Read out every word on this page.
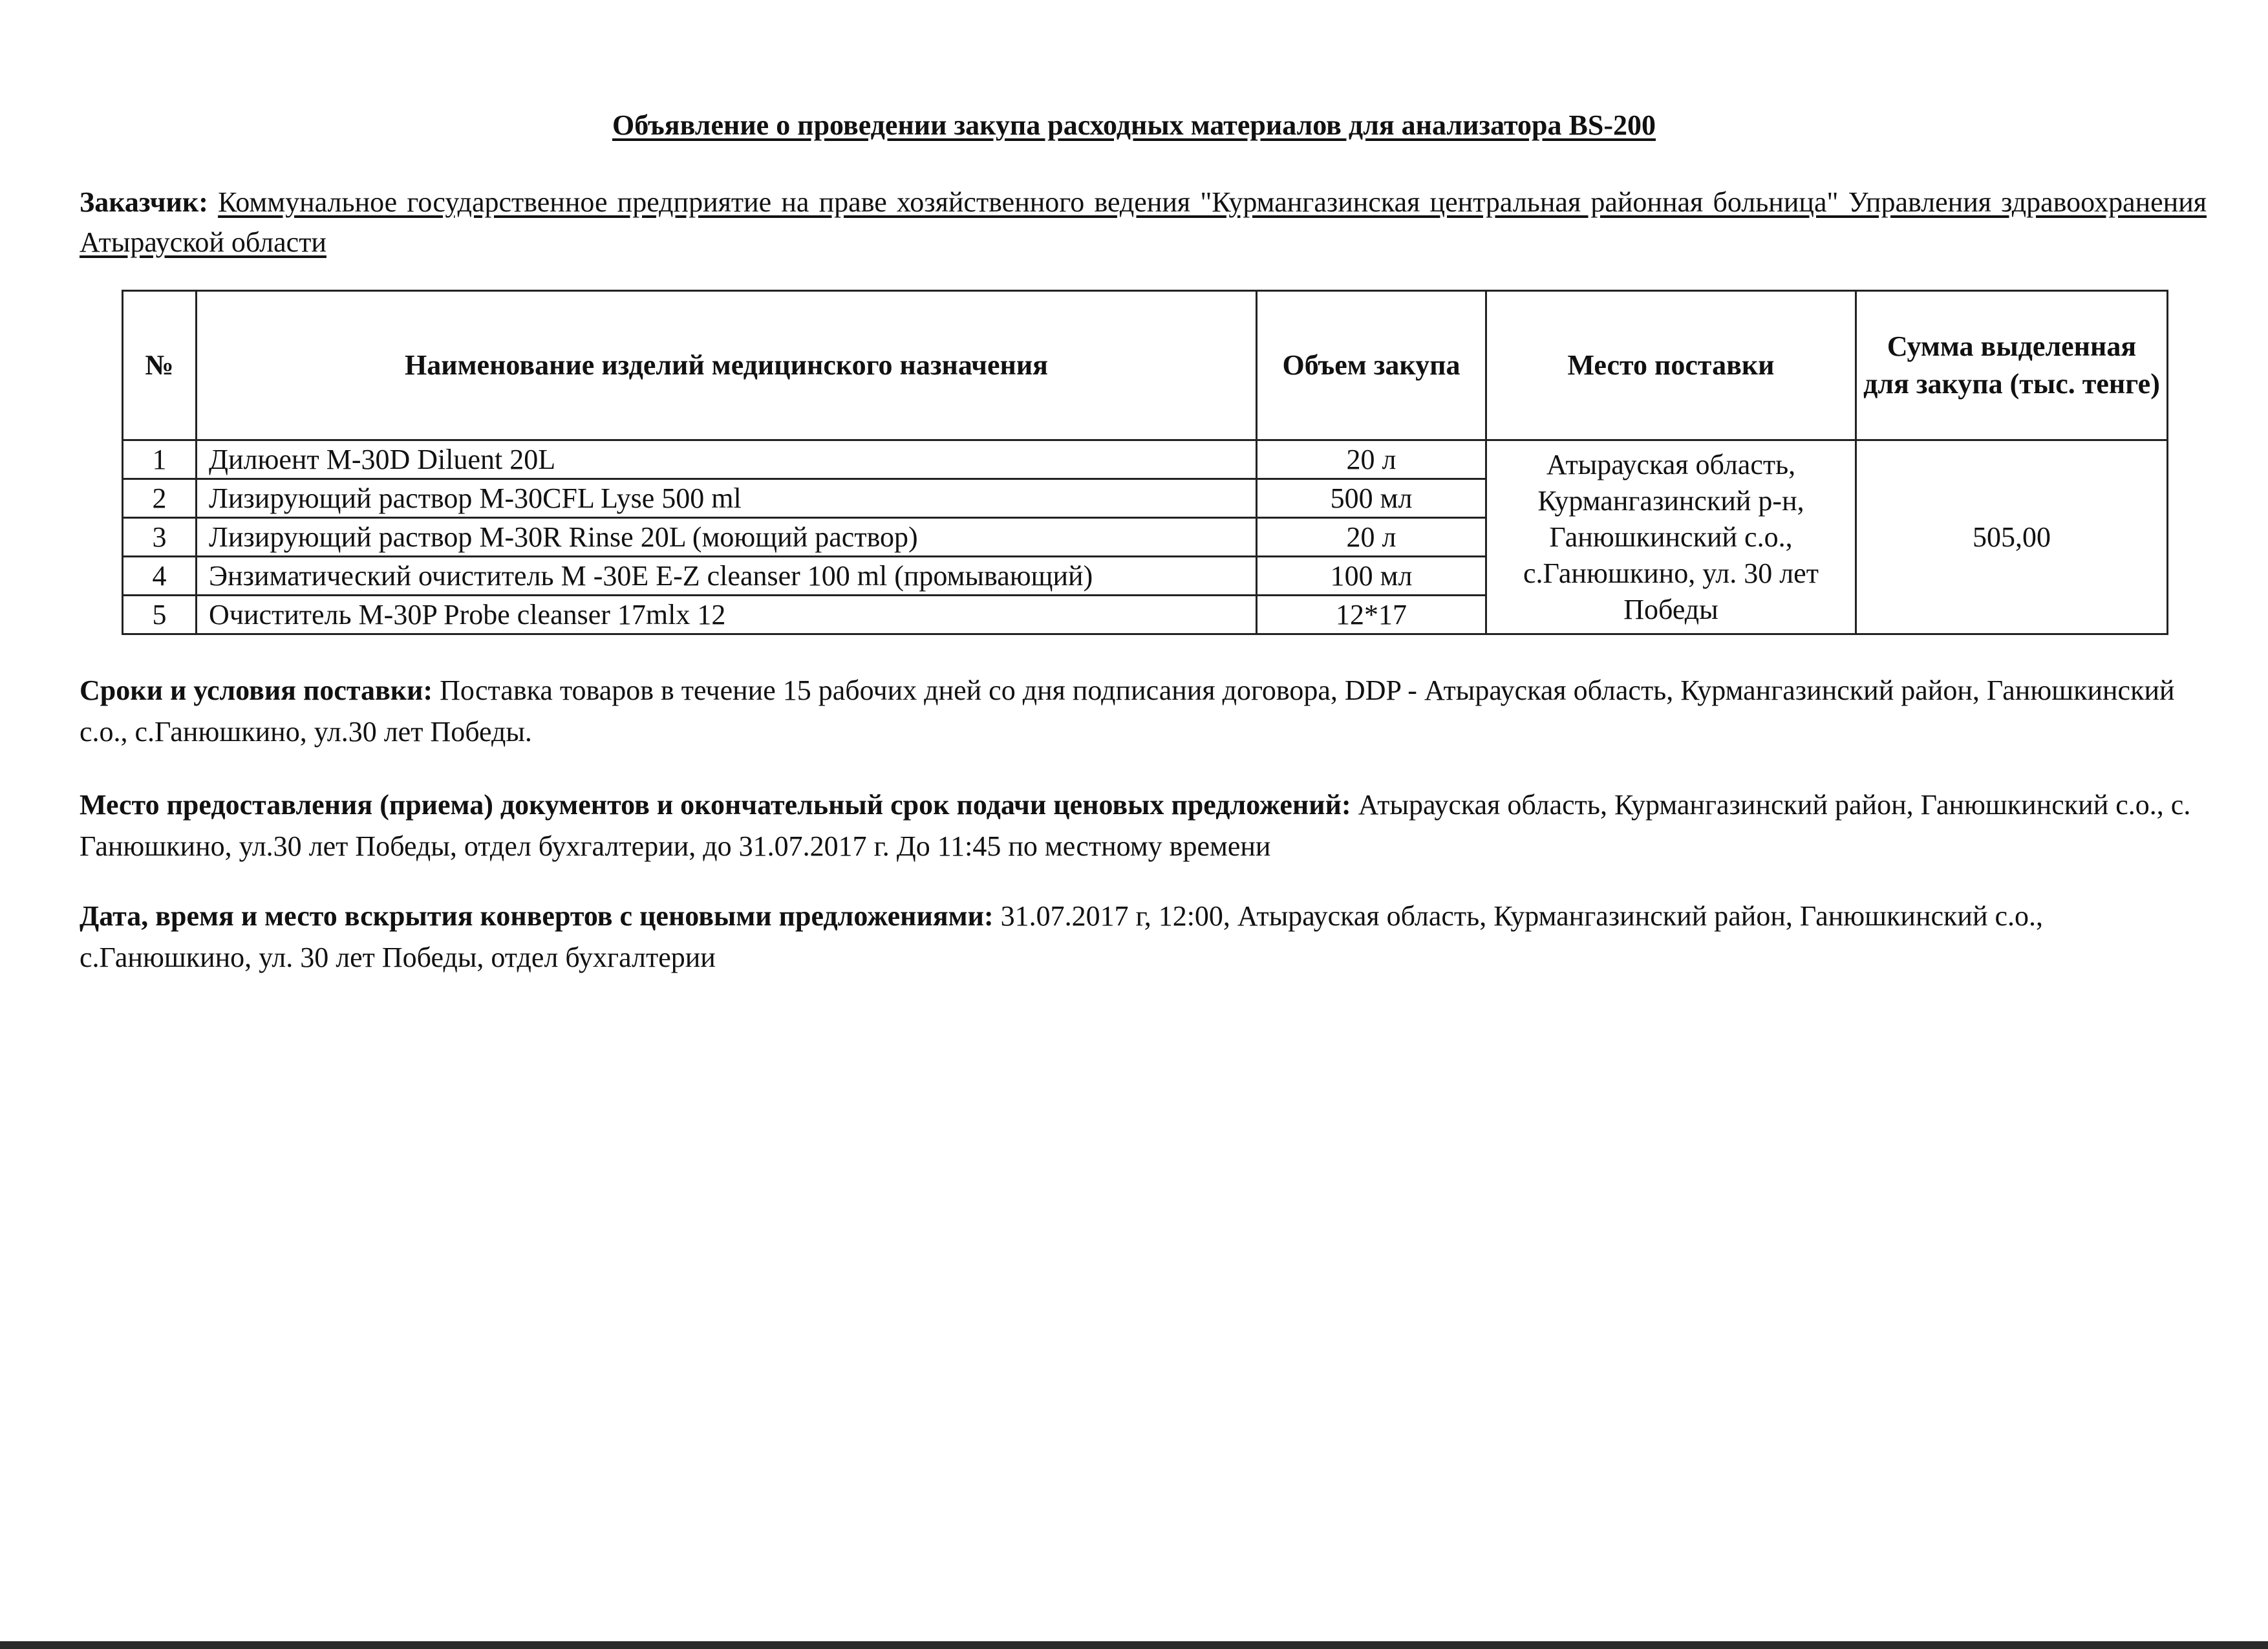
Объявление о проведении закупа расходных материалов для анализатора BS-200
Заказчик: Коммунальное государственное предприятие на праве хозяйственного ведения "Курмангазинская центральная районная больница" Управления здравоохранения Атырауской области
№	Наименование изделий медицинского назначения	Объем закупа	Место поставки	Сумма выделенная для закупа (тыс. тенге)
1	Дилюент M-30D Diluent 20L	20 л	Атырауская область, Курмангазинский р-н, Ганюшкинский с.о., с.Ганюшкино, ул. 30 лет Победы	505,00
2	Лизирующий раствор M-30CFL Lyse 500 ml	500 мл		
3	Лизирующий раствор M-30R Rinse 20L (моющий раствор)	20 л		
4	Энзиматический очиститель M -30E E-Z cleanser 100 ml (промывающий)	100 мл		
5	Очиститель M-30P Probe cleanser 17mlx 12	12*17		
Сроки и условия поставки: Поставка товаров в течение 15 рабочих дней со дня подписания договора, DDP - Атырауская область, Курмангазинский район, Ганюшкинский с.о., с.Ганюшкино, ул.30 лет Победы.
Место предоставления (приема) документов и окончательный срок подачи ценовых предложений: Атырауская область, Курмангазинский район, Ганюшкинский с.о., с. Ганюшкино, ул.30 лет Победы, отдел бухгалтерии, до 31.07.2017 г. До 11:45 по местному времени
Дата, время и место вскрытия конвертов с ценовыми предложениями: 31.07.2017 г, 12:00, Атырауская область, Курмангазинский район, Ганюшкинский с.о., с.Ганюшкино, ул. 30 лет Победы, отдел бухгалтерии
